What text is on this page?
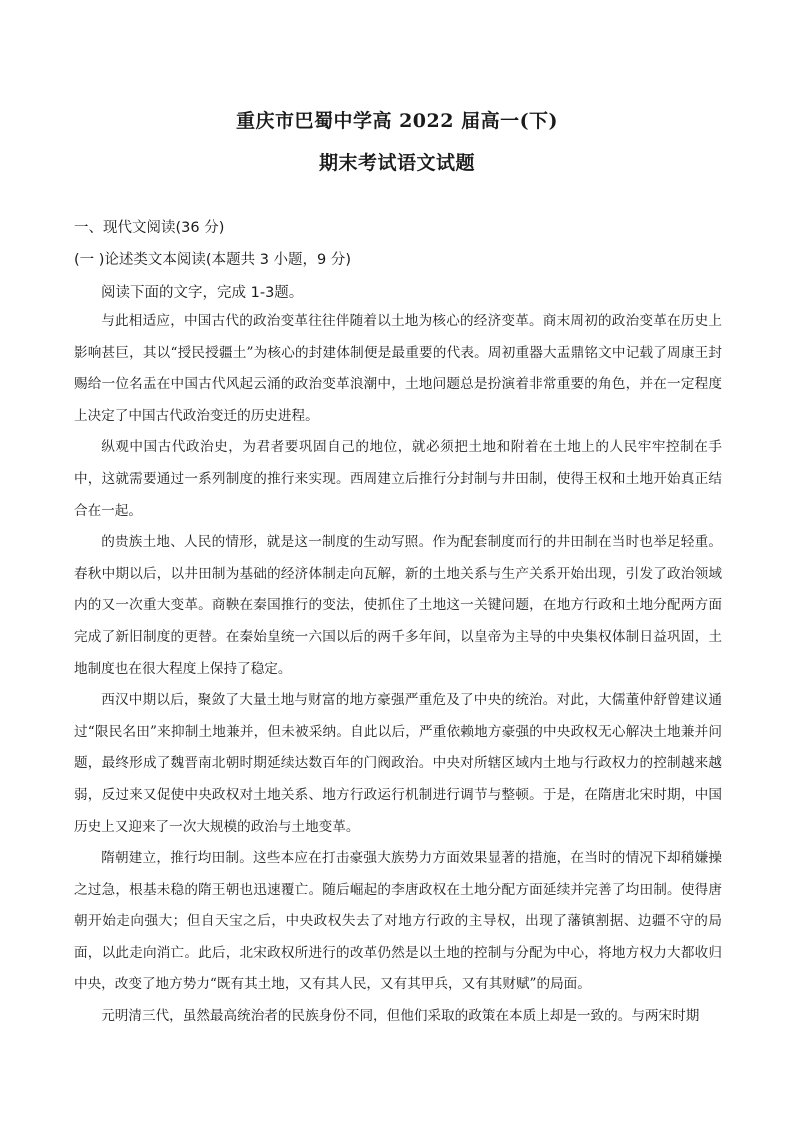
重庆市巴蜀中学高 2022 届高一(下)
期末考试语文试题

一、现代文阅读(36 分)

(一 )论述类文本阅读(本题共 3 小题，9 分)

阅读下面的文字，完成 1-3题。

与此相适应，中国古代的政治变革往往伴随着以土地为核心的经济变革。商末周初的政治变革在历史上影响甚巨，其以“授民授疆土”为核心的封建体制便是最重要的代表。周初重器大盂鼎铭文中记载了周康王封赐给一位名盂在中国古代风起云涌的政治变革浪潮中，土地问题总是扮演着非常重要的角色，并在一定程度上决定了中国古代政治变迁的历史进程。

纵观中国古代政治史，为君者要巩固自己的地位，就必须把土地和附着在土地上的人民牢牢控制在手中，这就需要通过一系列制度的推行来实现。西周建立后推行分封制与井田制，使得王权和土地开始真正结合在一起。

的贵族土地、人民的情形，就是这一制度的生动写照。作为配套制度而行的井田制在当时也举足轻重。春秋中期以后，以井田制为基础的经济体制走向瓦解，新的土地关系与生产关系开始出现，引发了政治领域内的又一次重大变革。商鞅在秦国推行的变法，使抓住了土地这一关键问题，在地方行政和土地分配两方面完成了新旧制度的更替。在秦始皇统一六国以后的两千多年间，以皇帝为主导的中央集权体制日益巩固，土地制度也在很大程度上保持了稳定。

西汉中期以后，聚敛了大量土地与财富的地方豪强严重危及了中央的统治。对此，大儒董仲舒曾建议通过“限民名田”来抑制土地兼并，但未被采纳。自此以后，严重依赖地方豪强的中央政权无心解决土地兼并问题，最终形成了魏晋南北朝时期延续达数百年的门阀政治。中央对所辖区域内土地与行政权力的控制越来越弱，反过来又促使中央政权对土地关系、地方行政运行机制进行调节与整顿。于是，在隋唐北宋时期，中国历史上又迎来了一次大规模的政治与土地变革。

隋朝建立，推行均田制。这些本应在打击豪强大族势力方面效果显著的措施，在当时的情况下却稍嫌操之过急，根基未稳的隋王朝也迅速覆亡。随后崛起的李唐政权在土地分配方面延续并完善了均田制。使得唐朝开始走向强大；但自天宝之后，中央政权失去了对地方行政的主导权，出现了藩镇割据、边疆不守的局面，以此走向消亡。此后，北宋政权所进行的改革仍然是以土地的控制与分配为中心，将地方权力大都收归中央，改变了地方势力“既有其土地，又有其人民，又有其甲兵，又有其财赋”的局面。

元明清三代，虽然最高统治者的民族身份不同，但他们采取的政策在本质上却是一致的。与两宋时期
